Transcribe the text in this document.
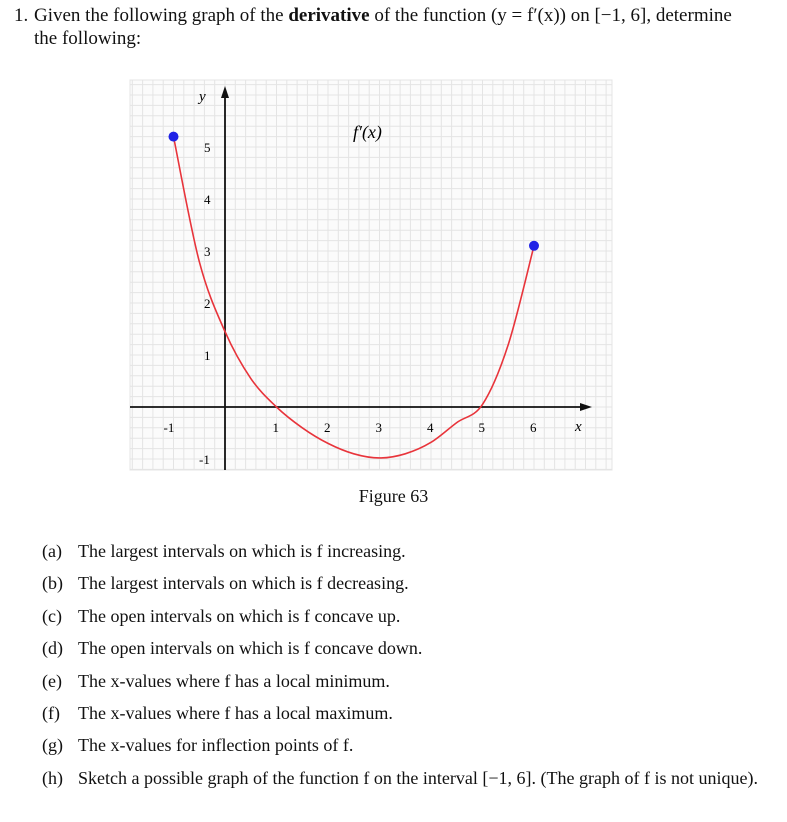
1. Given the following graph of the derivative of the function (y = f′(x)) on [−1, 6], determine
the following:
-1	1	2	3	4	5	6
5
4
3
2
1
-1
y
x
f′(x)
Figure 63
(a) The largest intervals on which is f increasing.
(b) The largest intervals on which is f decreasing.
(c) The open intervals on which is f concave up.
(d) The open intervals on which is f concave down.
(e) The x-values where f has a local minimum.
(f) The x-values where f has a local maximum.
(g) The x-values for inflection points of f.
(h) Sketch a possible graph of the function f on the interval [−1, 6]. (The graph of f is not unique).
